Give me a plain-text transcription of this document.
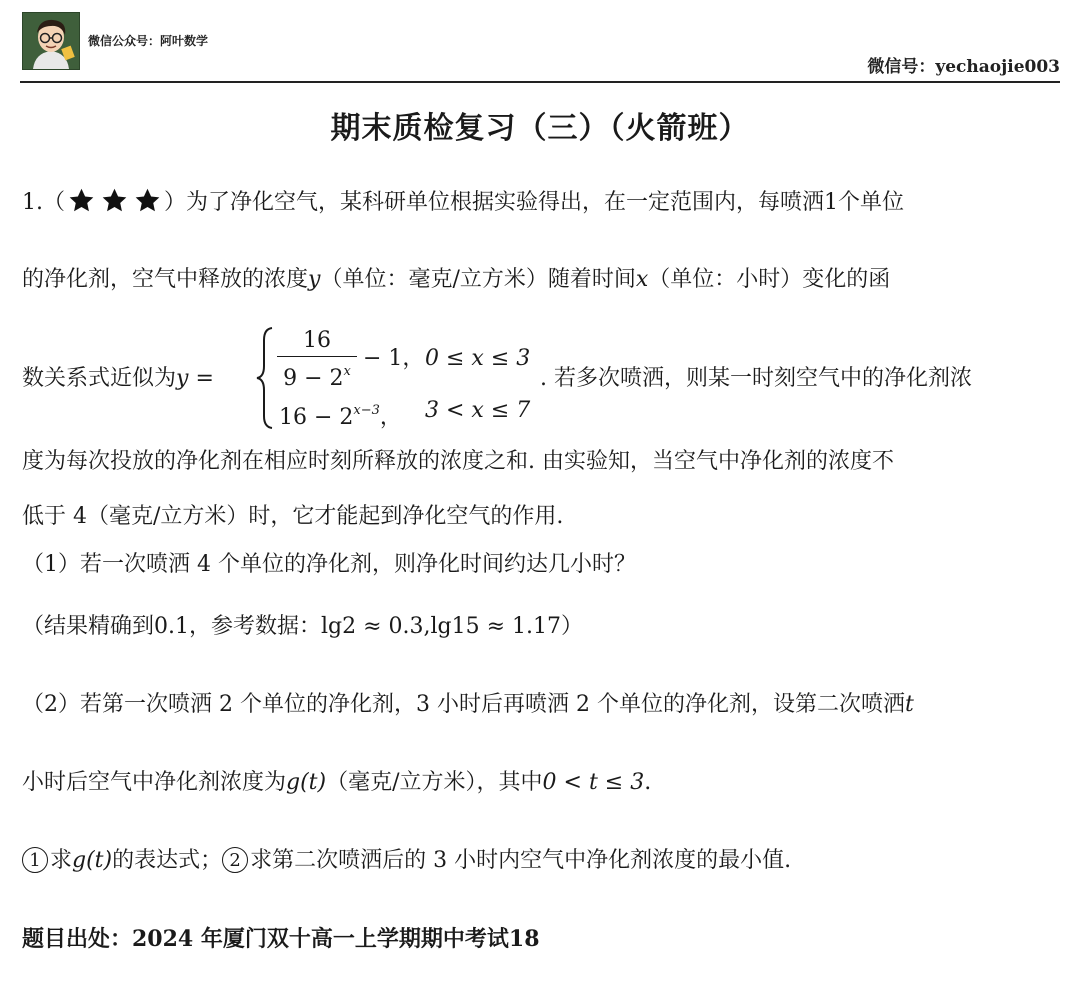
微信公众号：阿叶数学
微信号：yechaojie003
期末质检复习（三）（火箭班）
1.（	）为了净化空气，某科研单位根据实验得出，在一定范围内，每喷洒1个单位
的净化剂，空气中释放的浓度y（单位：毫克/立方米）随着时间x（单位：小时）变化的函
数关系式近似为y =
16
$9 - 2^x$
− 1， 0 ≤ x ≤ 3
$16 - 2^{x-3}$， 3 < x ≤ 7
. 若多次喷洒，则某一时刻空气中的净化剂浓
度为每次投放的净化剂在相应时刻所释放的浓度之和. 由实验知，当空气中净化剂的浓度不
低于 4（毫克/立方米）时，它才能起到净化空气的作用.
（1）若一次喷洒 4 个单位的净化剂，则净化时间约达几小时？
（结果精确到0.1，参考数据：lg2 ≈ 0.3,lg15 ≈ 1.17）
（2）若第一次喷洒 2 个单位的净化剂，3 小时后再喷洒 2 个单位的净化剂，设第二次喷洒t
小时后空气中净化剂浓度为g(t)（毫克/立方米），其中0 < t ≤ 3.
1 求g(t)的表达式； 2 求第二次喷洒后的 3 小时内空气中净化剂浓度的最小值.
题目出处：2024 年厦门双十高一上学期期中考试18
